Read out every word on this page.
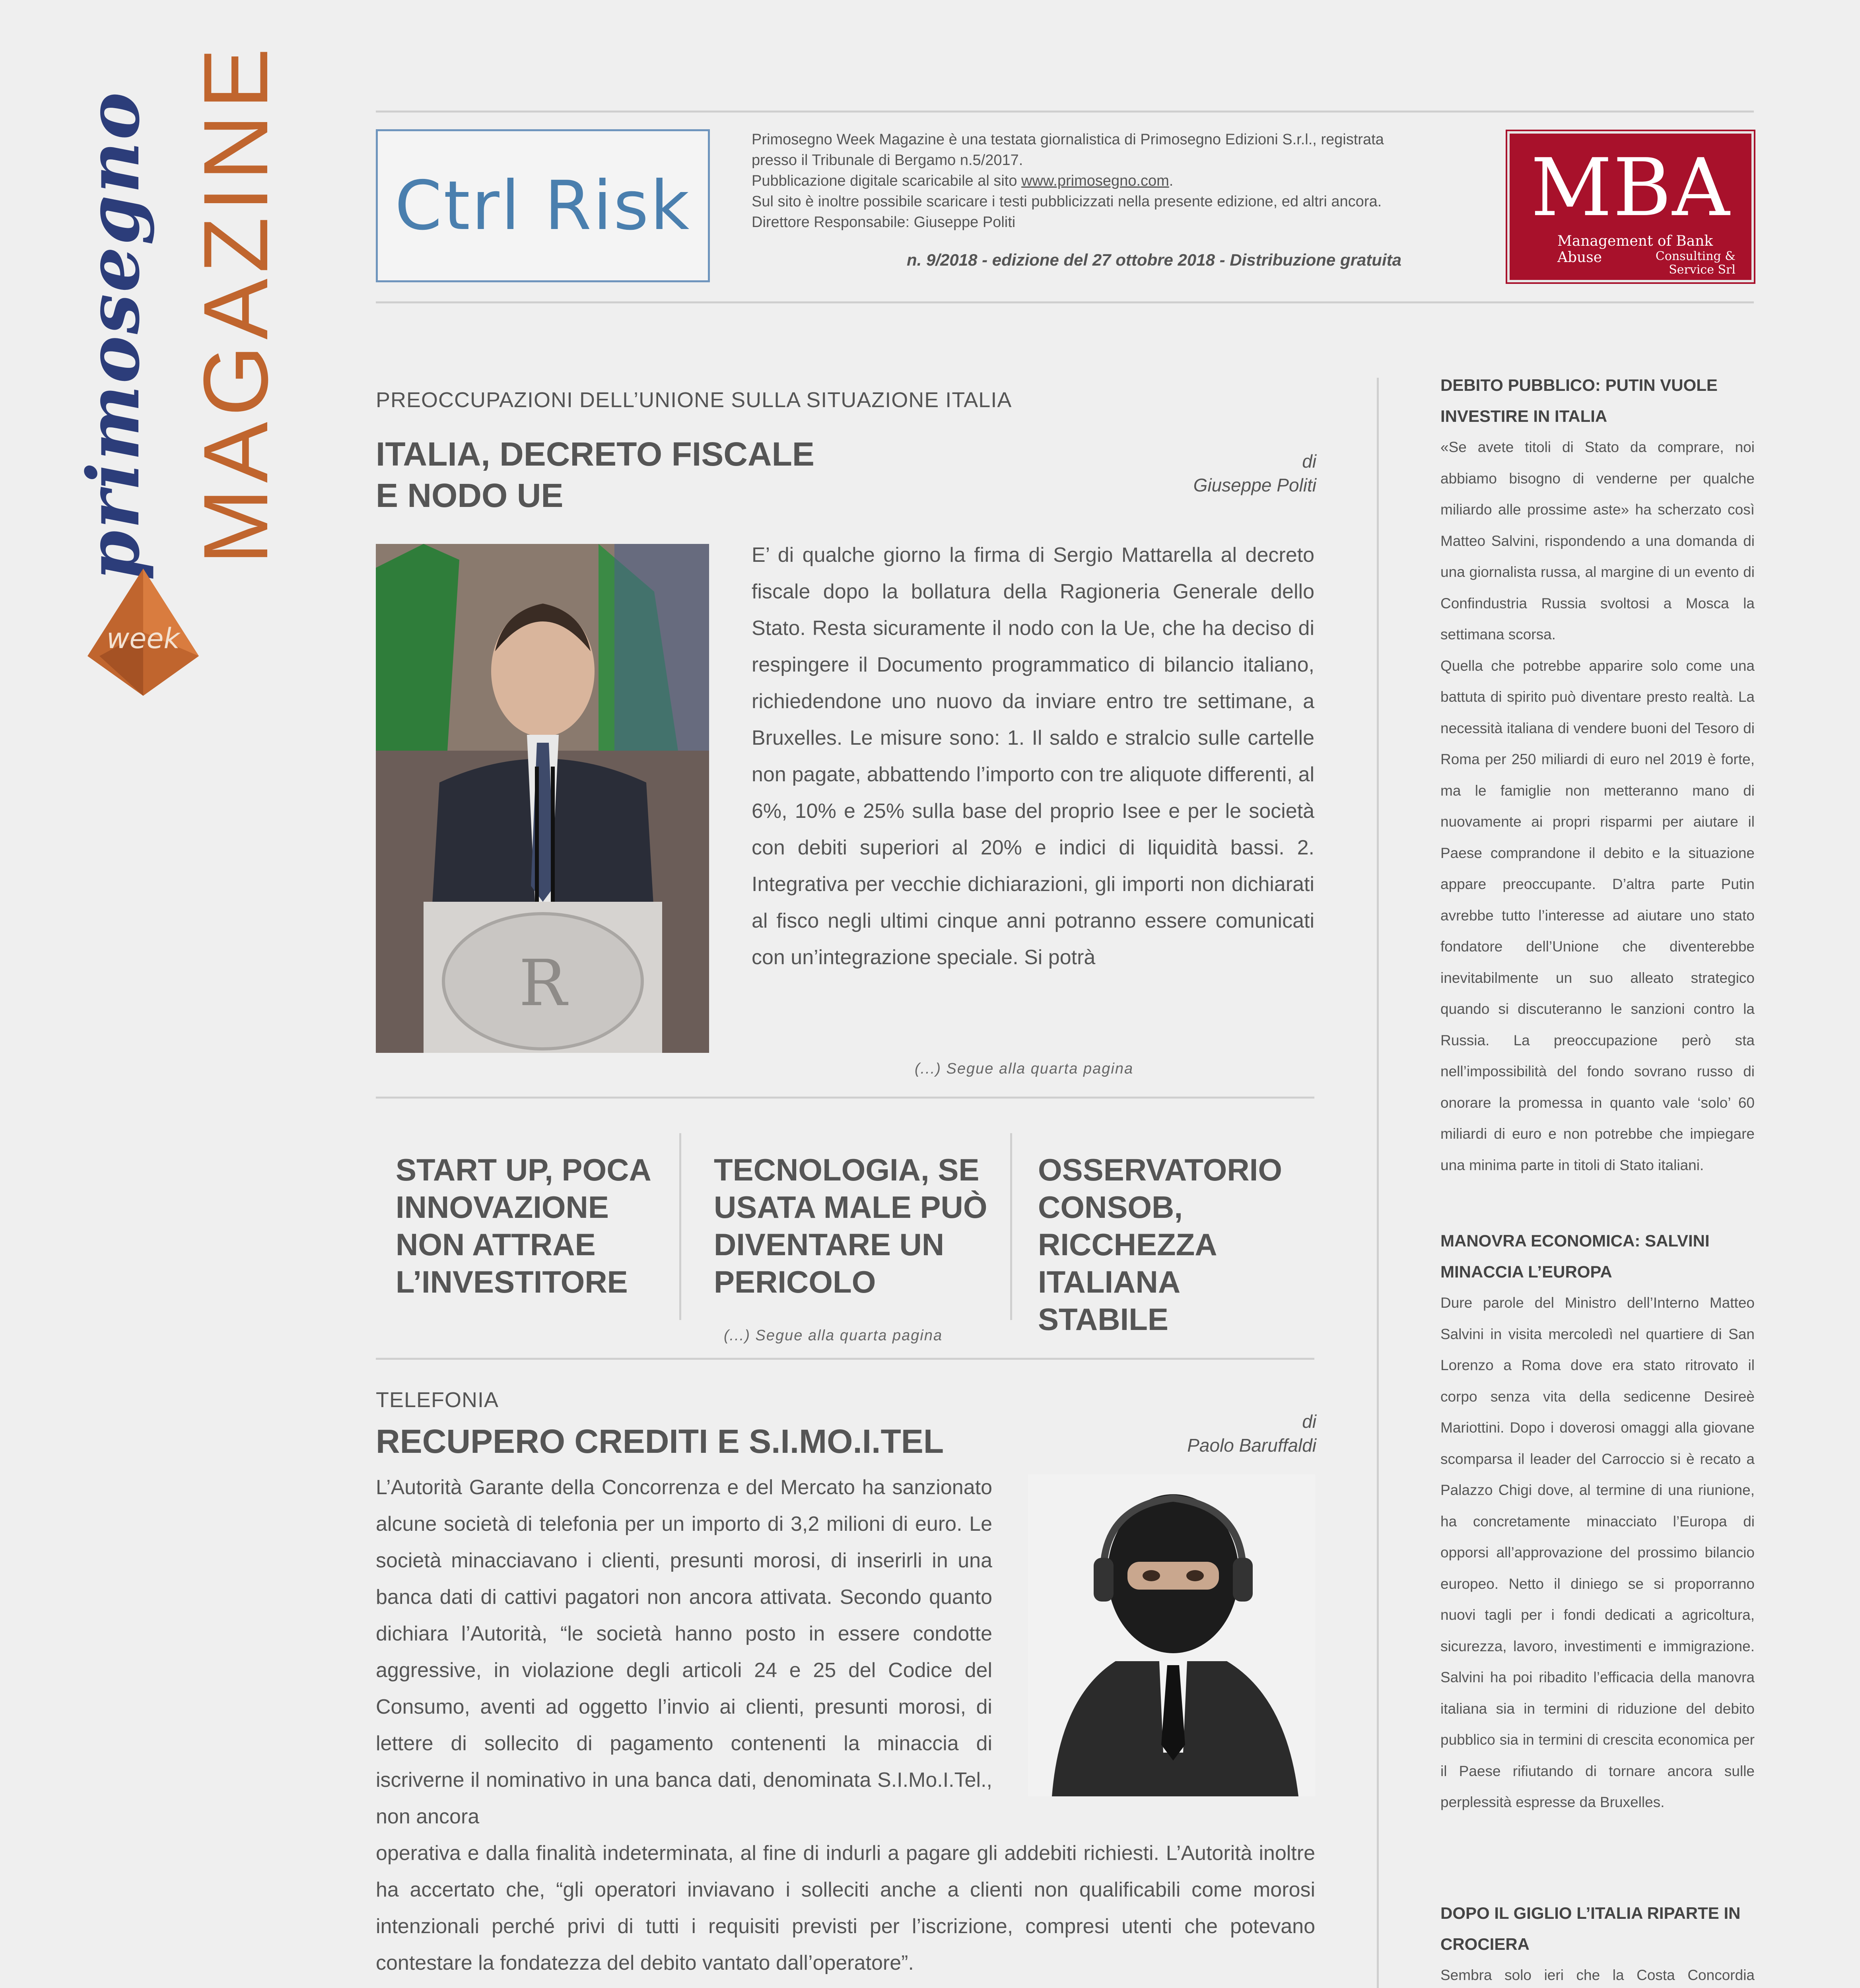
MAGAZINE
primosegno
week
Ctrl Risk
Primosegno Week Magazine è una testata giornalistica di Primosegno Edizioni S.r.l., registrata
presso il Tribunale di Bergamo n.5/2017.
Pubblicazione digitale scaricabile al sito www.primosegno.com.
Sul sito è inoltre possibile scaricare i testi pubblicizzati nella presente edizione, ed altri ancora.
Direttore Responsabile: Giuseppe Politi
n. 9/2018 - edizione del 27 ottobre 2018 - Distribuzione gratuita
MBA
Management of Bank Abuse	Consulting &
Service Srl
PREOCCUPAZIONI DELL’UNIONE SULLA SITUAZIONE ITALIA
ITALIA, DECRETO FISCALE
E NODO UE
di
Giuseppe Politi
R
E’ di qualche giorno la firma di Sergio Mattarella al decreto fiscale dopo la bollatura della Ragioneria Generale dello Stato. Resta sicuramente il nodo con la Ue, che ha deciso di respingere il Documento programmatico di bilancio italiano, richiedendone uno nuovo da inviare entro tre settimane, a Bruxelles. Le misure sono: 1. Il saldo e stralcio sulle cartelle non pagate, abbattendo l’importo con tre aliquote differenti, al 6%, 10% e 25% sulla base del proprio Isee e per le società con debiti superiori al 20% e indici di liquidità bassi. 2. Integrativa per vecchie dichiarazioni, gli importi non dichiarati al fisco negli ultimi cinque anni potranno essere comunicati con un’integrazione speciale. Si potrà
(...) Segue alla quarta pagina
START UP, POCA INNOVAZIONE NON ATTRAE L’INVESTITORE
TECNOLOGIA, SE USATA MALE PUÒ DIVENTARE UN PERICOLO
OSSERVATORIO CONSOB, RICCHEZZA ITALIANA STABILE
(...) Segue alla quarta pagina
TELEFONIA
RECUPERO CREDITI E S.I.MO.I.TEL
di
Paolo Baruffaldi
L’Autorità Garante della Concorrenza e del Mercato ha sanzionato alcune società di telefonia per un importo di 3,2 milioni di euro. Le società minacciavano i clienti, presunti morosi, di inserirli in una banca dati di cattivi pagatori non ancora attivata. Secondo quanto dichiara l’Autorità, “le società hanno posto in essere condotte aggressive, in violazione degli articoli 24 e 25 del Codice del Consumo, aventi ad oggetto l’invio ai clienti, presunti morosi, di lettere di sollecito di pagamento contenenti la minaccia di iscriverne il nominativo in una banca dati, denominata S.I.Mo.I.Tel., non ancora
operativa e dalla finalità indeterminata, al fine di indurli a pagare gli addebiti richiesti. L’Autorità inoltre ha accertato che, “gli operatori inviavano i solleciti anche a clienti non qualificabili come morosi intenzionali perché privi di tutti i requisiti previsti per l’iscrizione, compresi utenti che potevano contestare la fondatezza del debito vantato dall’operatore”.
DEBITO PUBBLICO: PUTIN VUOLE INVESTIRE IN ITALIA
«Se avete titoli di Stato da comprare, noi abbiamo bisogno di venderne per qualche miliardo alle prossime aste» ha scherzato così Matteo Salvini, rispondendo a una domanda di una giornalista russa, al margine di un evento di Confindustria Russia svoltosi a Mosca la settimana scorsa.
Quella che potrebbe apparire solo come una battuta di spirito può diventare presto realtà. La necessità italiana di vendere buoni del Tesoro di Roma per 250 miliardi di euro nel 2019 è forte, ma le famiglie non metteranno mano di nuovamente ai propri risparmi per aiutare il Paese comprandone il debito e la situazione appare preoccupante. D’altra parte Putin avrebbe tutto l’interesse ad aiutare uno stato fondatore dell’Unione che diventerebbe inevitabilmente un suo alleato strategico quando si discuteranno le sanzioni contro la Russia. La preoccupazione però sta nell’impossibilità del fondo sovrano russo di onorare la promessa in quanto vale ‘solo’ 60 miliardi di euro e non potrebbe che impiegare una minima parte in titoli di Stato italiani.
MANOVRA ECONOMICA: SALVINI MINACCIA L’EUROPA
Dure parole del Ministro dell’Interno Matteo Salvini in visita mercoledì nel quartiere di San Lorenzo a Roma dove era stato ritrovato il corpo senza vita della sedicenne Desireè Mariottini. Dopo i doverosi omaggi alla giovane scomparsa il leader del Carroccio si è recato a Palazzo Chigi dove, al termine di una riunione, ha concretamente minacciato l’Europa di opporsi all’approvazione del prossimo bilancio europeo. Netto il diniego se si proporranno nuovi tagli per i fondi dedicati a agricoltura, sicurezza, lavoro, investimenti e immigrazione. Salvini ha poi ribadito l’efficacia della manovra italiana sia in termini di riduzione del debito pubblico sia in termini di crescita economica per il Paese rifiutando di tornare ancora sulle perplessità espresse da Bruxelles.
DOPO IL GIGLIO L’ITALIA RIPARTE IN CROCIERA
Sembra solo ieri che la Costa Concordia
